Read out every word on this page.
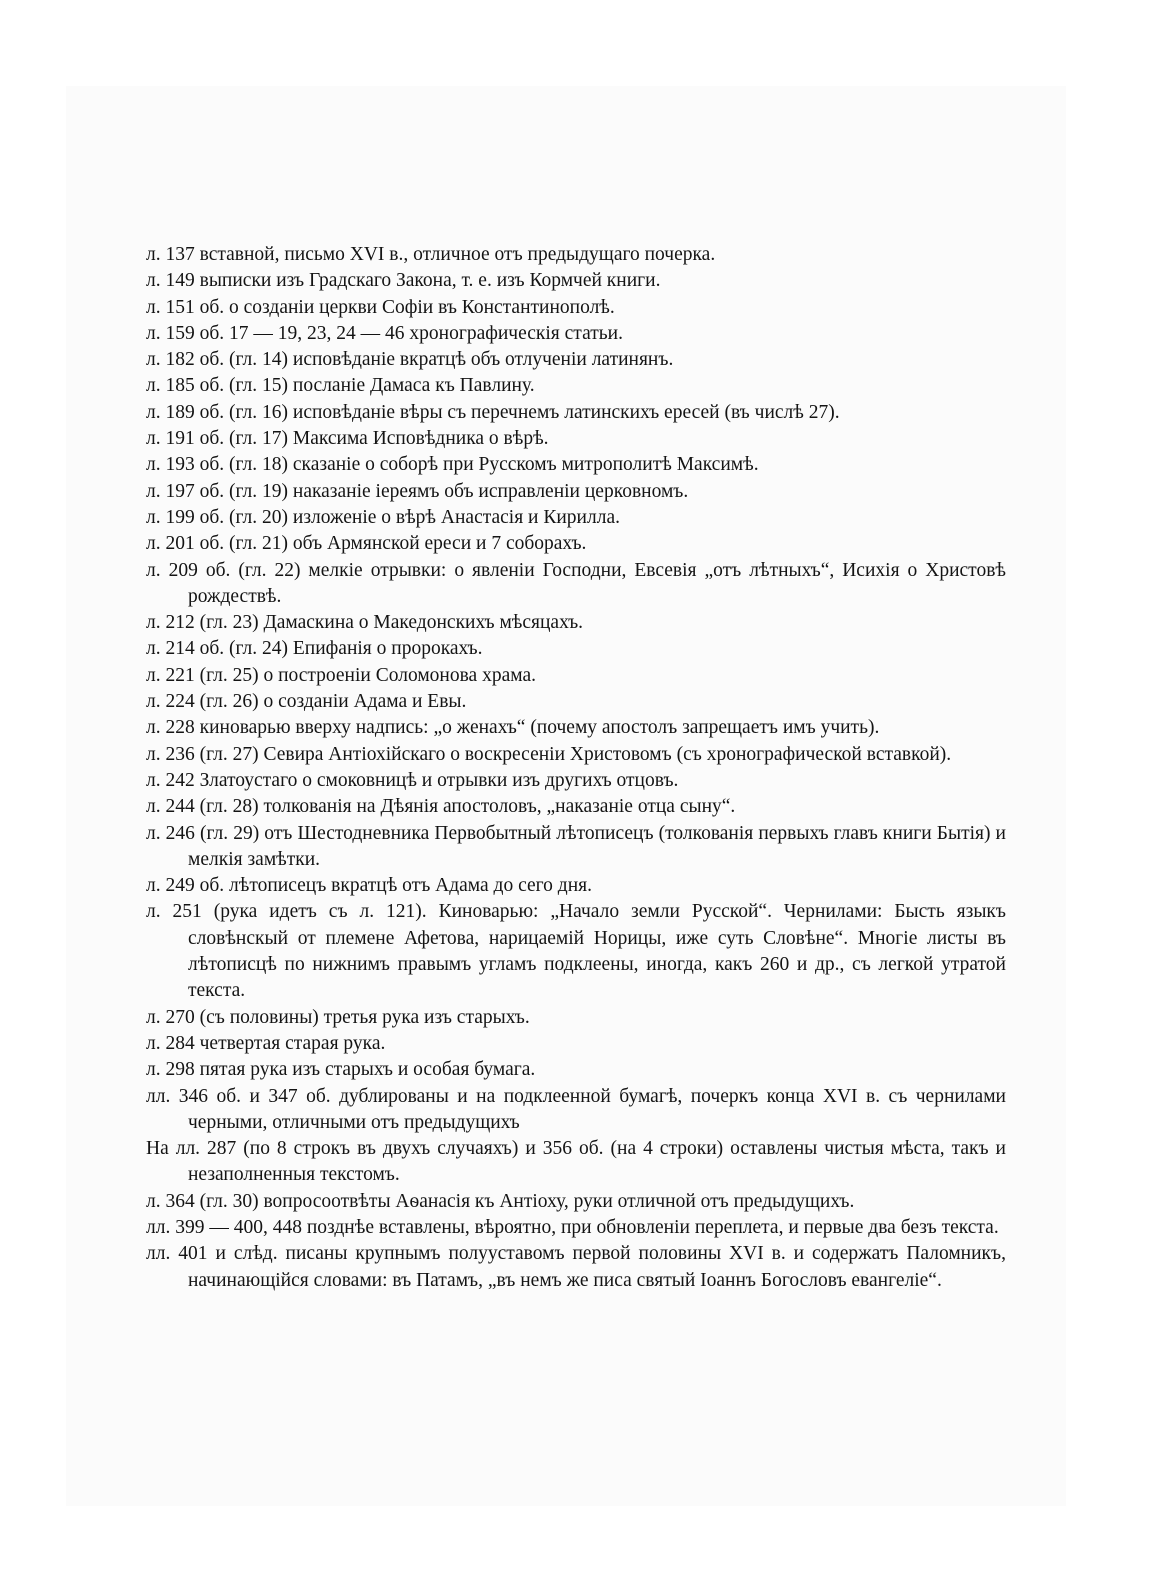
л. 137 вставной, письмо XVI в., отличное отъ предыдущаго почерка.
л. 149 выписки изъ Градскаго Закона, т. е. изъ Кормчей книги.
л. 151 об. о созданіи церкви Софіи въ Константинополѣ.
л. 159 об. 17 — 19, 23, 24 — 46 хронографическія статьи.
л. 182 об. (гл. 14) исповѣданіе вкратцѣ объ отлученіи латинянъ.
л. 185 об. (гл. 15) посланіе Дамаса къ Павлину.
л. 189 об. (гл. 16) исповѣданіе вѣры съ перечнемъ латинскихъ ересей (въ числѣ 27).
л. 191 об. (гл. 17) Максима Исповѣдника о вѣрѣ.
л. 193 об. (гл. 18) сказаніе о соборѣ при Русскомъ митрополитѣ Максимѣ.
л. 197 об. (гл. 19) наказаніе іереямъ объ исправленіи церковномъ.
л. 199 об. (гл. 20) изложеніе о вѣрѣ Анастасія и Кирилла.
л. 201 об. (гл. 21) объ Армянской ереси и 7 соборахъ.
л. 209 об. (гл. 22) мелкіе отрывки: о явленіи Господни, Евсевія „отъ лѣтныхъ“, Исихія о Христовѣ рождествѣ.
л. 212 (гл. 23) Дамаскина о Македонскихъ мѣсяцахъ.
л. 214 об. (гл. 24) Епифанія о пророкахъ.
л. 221 (гл. 25) о построеніи Соломонова храма.
л. 224 (гл. 26) о созданіи Адама и Евы.
л. 228 киноварью вверху надпись: „о женахъ“ (почему апостолъ запрещаетъ имъ учить).
л. 236 (гл. 27) Севира Антіохійскаго о воскресеніи Христовомъ (съ хронографической вставкой).
л. 242 Златоустаго о смоковницѣ и отрывки изъ другихъ отцовъ.
л. 244 (гл. 28) толкованія на Дѣянія апостоловъ, „наказаніе отца сыну“.
л. 246 (гл. 29) отъ Шестодневника Первобытный лѣтописецъ (толкованія первыхъ главъ книги Бытія) и мелкія замѣтки.
л. 249 об. лѣтописецъ вкратцѣ отъ Адама до сего дня.
л. 251 (рука идетъ съ л. 121). Киноварью: „Начало земли Русской“. Чернилами: Бысть языкъ словѣнскый от племене Афетова, нарицаемій Норицы, иже суть Словѣне“. Многіе листы въ лѣтописцѣ по нижнимъ правымъ угламъ подклеены, иногда, какъ 260 и др., съ легкой утратой текста.
л. 270 (съ половины) третья рука изъ старыхъ.
л. 284 четвертая старая рука.
л. 298 пятая рука изъ старыхъ и особая бумага.
лл. 346 об. и 347 об. дублированы и на подклеенной бумагѣ, почеркъ конца XVI в. съ чернилами черными, отличными отъ предыдущихъ
На лл. 287 (по 8 строкъ въ двухъ случаяхъ) и 356 об. (на 4 строки) оставлены чистыя мѣста, такъ и незаполненныя текстомъ.
л. 364 (гл. 30) вопросоотвѣты Аѳанасія къ Антіоху, руки отличной отъ предыдущихъ.
лл. 399 — 400, 448 позднѣе вставлены, вѣроятно, при обновленіи переплета, и первые два безъ текста.
лл. 401 и слѣд. писаны крупнымъ полууставомъ первой половины XVI в. и содержатъ Паломникъ, начинающійся словами: въ Патамъ, „въ немъ же писа святый Іоаннъ Богословъ евангеліе“.
